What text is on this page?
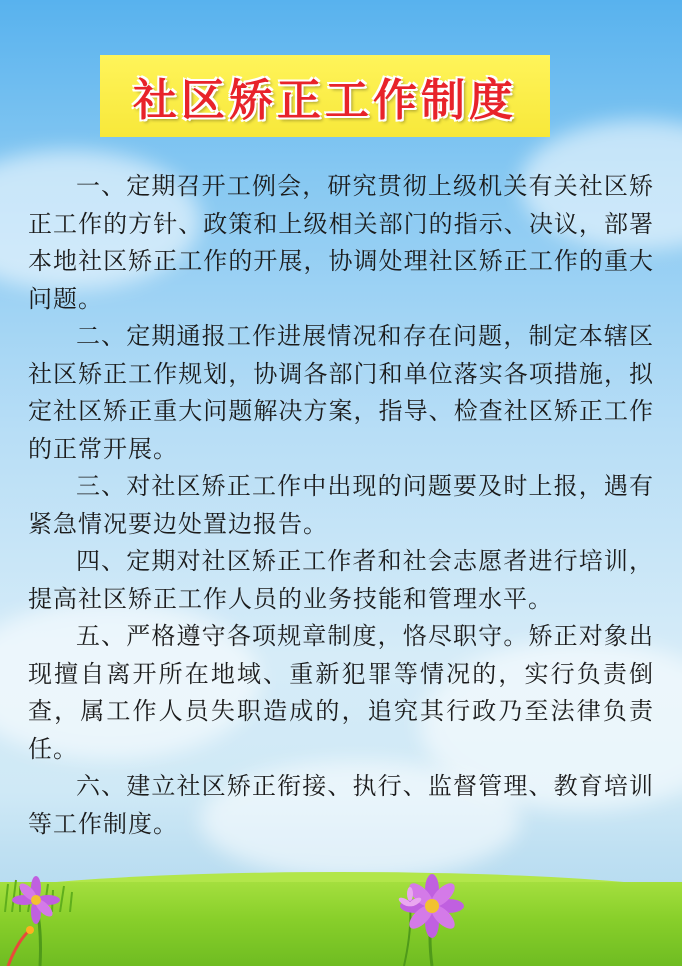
社区矫正工作制度

一、定期召开工例会，研究贯彻上级机关有关社区矫正工作的方针、政策和上级相关部门的指示、决议，部署本地社区矫正工作的开展，协调处理社区矫正工作的重大问题。

二、定期通报工作进展情况和存在问题，制定本辖区社区矫正工作规划，协调各部门和单位落实各项措施，拟定社区矫正重大问题解决方案，指导、检查社区矫正工作的正常开展。

三、对社区矫正工作中出现的问题要及时上报，遇有紧急情况要边处置边报告。

四、定期对社区矫正工作者和社会志愿者进行培训，提高社区矫正工作人员的业务技能和管理水平。

五、严格遵守各项规章制度，恪尽职守。矫正对象出现擅自离开所在地域、重新犯罪等情况的，实行负责倒查，属工作人员失职造成的，追究其行政乃至法律负责任。

六、建立社区矫正衔接、执行、监督管理、教育培训等工作制度。
